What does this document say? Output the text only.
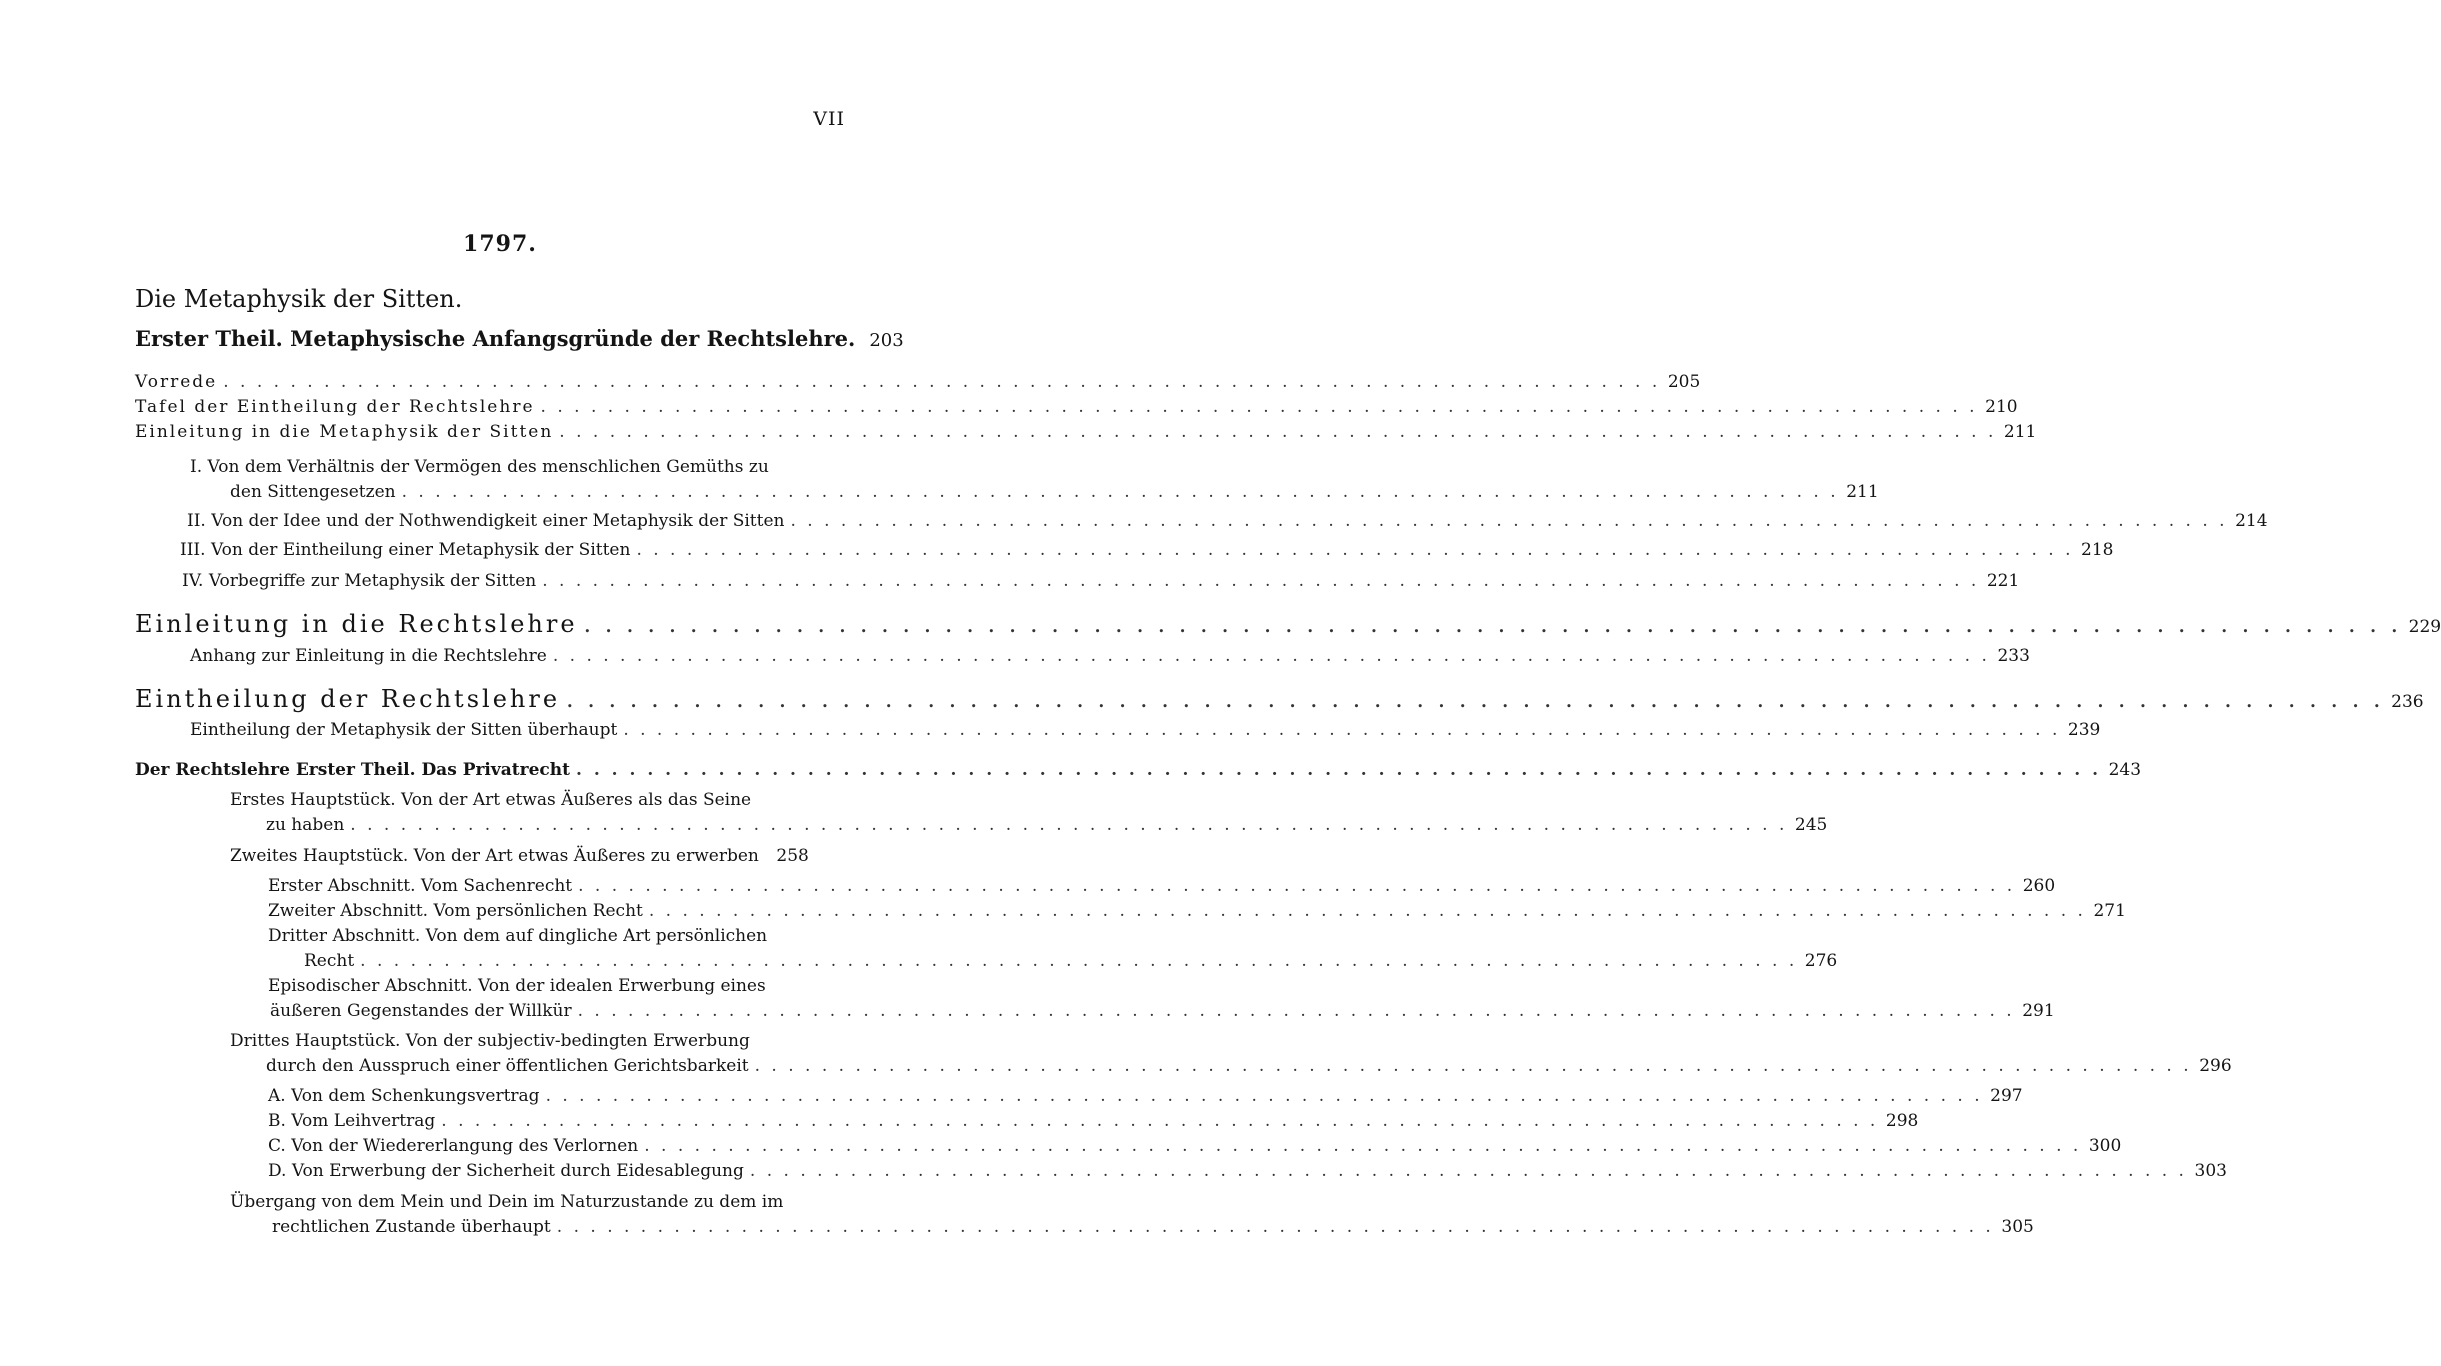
VII
1797.
Die Metaphysik der Sitten.
Erster Theil. Metaphysische Anfangsgründe der Rechtslehre. 203
Vorrede . . .	205
Tafel der Eintheilung der Rechtslehre . . .	210
Einleitung in die Metaphysik der Sitten . . .	211
I. Von dem Verhältnis der Vermögen des menschlichen Gemüths zu
den Sittengesetzen . . .	211
II. Von der Idee und der Nothwendigkeit einer Metaphysik der Sitten . . .	214
III. Von der Eintheilung einer Metaphysik der Sitten . . .	218
IV. Vorbegriffe zur Metaphysik der Sitten . . .	221
Einleitung in die Rechtslehre . . .	229
Anhang zur Einleitung in die Rechtslehre . . .	233
Eintheilung der Rechtslehre . . .	236
Eintheilung der Metaphysik der Sitten überhaupt . . .	239
Der Rechtslehre Erster Theil. Das Privatrecht . . .	243
Erstes Hauptstück. Von der Art etwas Äußeres als das Seine
zu haben . . .	245
Zweites Hauptstück. Von der Art etwas Äußeres zu erwerben 258
Erster Abschnitt. Vom Sachenrecht . . .	260
Zweiter Abschnitt. Vom persönlichen Recht . . .	271
Dritter Abschnitt. Von dem auf dingliche Art persönlichen
Recht . . .	276
Episodischer Abschnitt. Von der idealen Erwerbung eines
äußeren Gegenstandes der Willkür . . .	291
Drittes Hauptstück. Von der subjectiv-bedingten Erwerbung
durch den Ausspruch einer öffentlichen Gerichtsbarkeit . . .	296
A. Von dem Schenkungsvertrag . . .	297
B. Vom Leihvertrag . . .	298
C. Von der Wiedererlangung des Verlornen . . .	300
D. Von Erwerbung der Sicherheit durch Eidesablegung . . .	303
Übergang von dem Mein und Dein im Naturzustande zu dem im
rechtlichen Zustande überhaupt . . .	305
